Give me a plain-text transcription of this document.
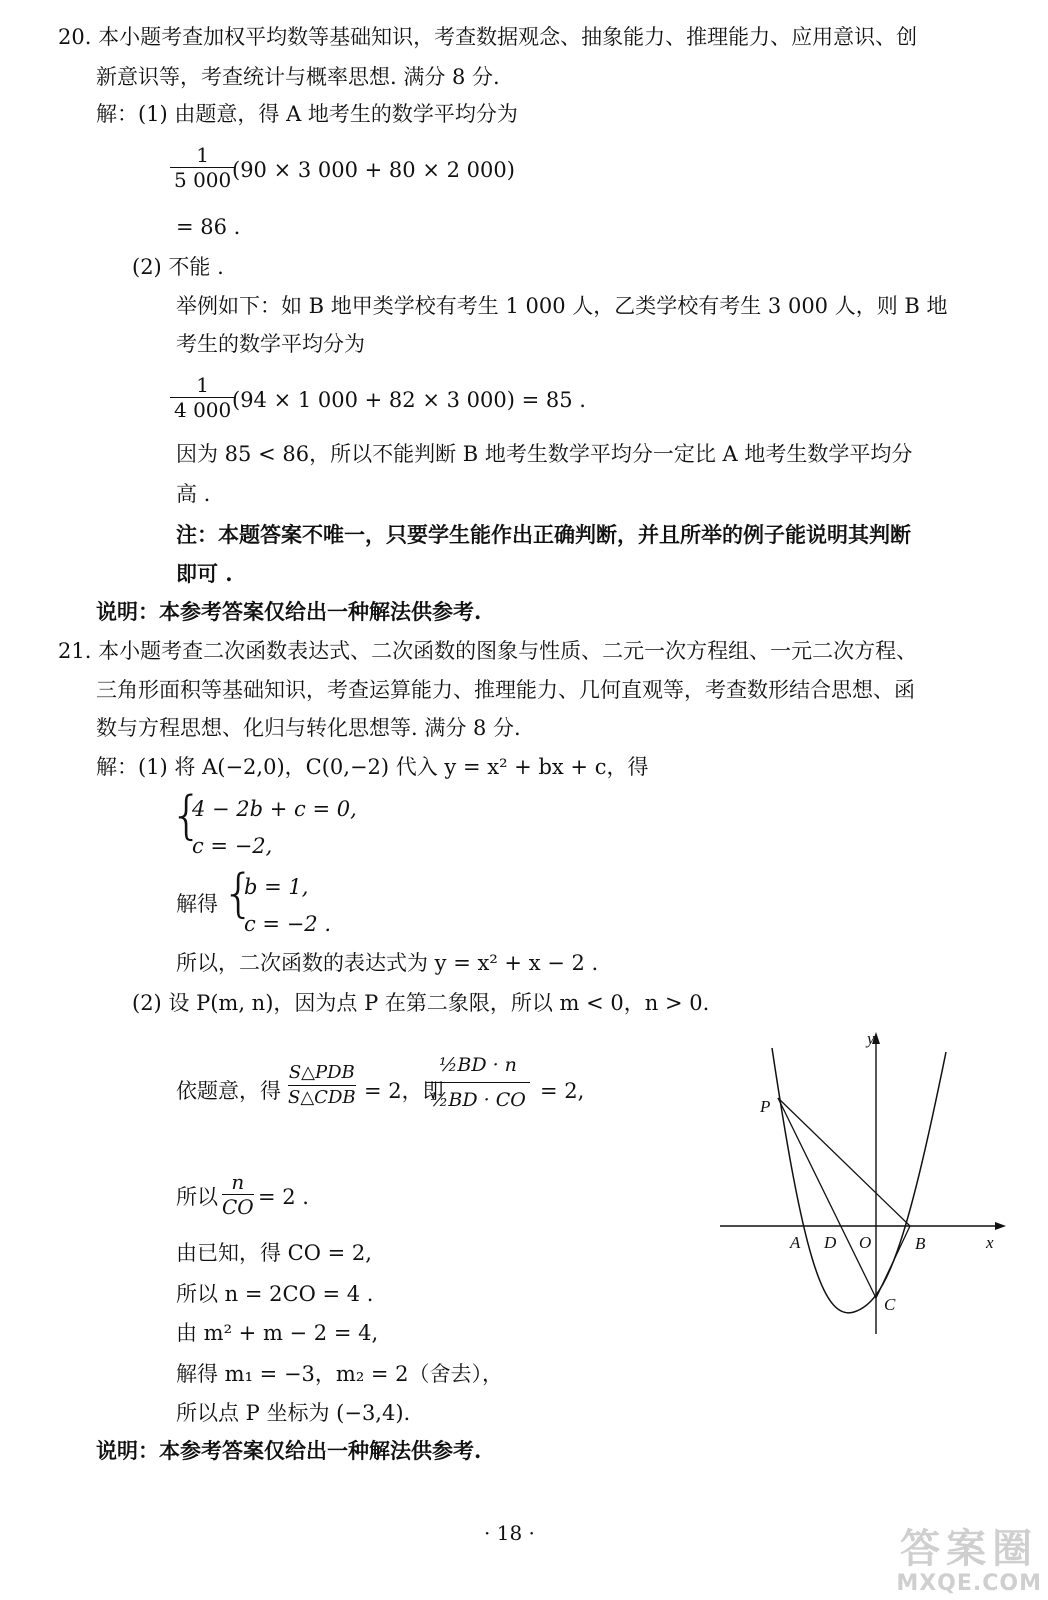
20. 本小题考查加权平均数等基础知识，考查数据观念、抽象能力、推理能力、应用意识、创
新意识等，考查统计与概率思想. 满分 8 分.
解：(1) 由题意，得 A 地考生的数学平均分为
$\frac{1}{5 000}$
(90 × 3 000 + 80 × 2 000)
= 86 .
(2) 不能 .
举例如下：如 B 地甲类学校有考生 1 000 人，乙类学校有考生 3 000 人，则 B 地
考生的数学平均分为
$\frac{1}{4 000}$
(94 × 1 000 + 82 × 3 000) = 85 .
因为 85 < 86，所以不能判断 B 地考生数学平均分一定比 A 地考生数学平均分
高 .
注：本题答案不唯一，只要学生能作出正确判断，并且所举的例子能说明其判断
即可 .
说明：本参考答案仅给出一种解法供参考.
21. 本小题考查二次函数表达式、二次函数的图象与性质、二元一次方程组、一元二次方程、
三角形面积等基础知识，考查运算能力、推理能力、几何直观等，考查数形结合思想、函
数与方程思想、化归与转化思想等. 满分 8 分.
解：(1) 将 A(−2,0)，C(0,−2) 代入 y = x² + bx + c，得
{
4 − 2b + c = 0,
c = −2,
解得 {
b = 1,
c = −2 .
所以，二次函数的表达式为 y = x² + x − 2 .
(2) 设 P(m, n)，因为点 P 在第二象限，所以 m < 0，n > 0.
依题意，得
S△PDB
S△CDB = 2，即
$\frac{\text{½BD · n}}{\text{½BD · CO}} = 2$,
所以 $\frac{n}{CO} = 2$ .
由已知，得 CO = 2,
所以 n = 2CO = 4 .
由 m² + m − 2 = 4,
解得 m₁ = −3，m₂ = 2（舍去），
所以点 P 坐标为 (−3,4).
说明：本参考答案仅给出一种解法供参考.
y
x
P
A D O	B
C
· 18 ·	答案圈
MXQE.COM
